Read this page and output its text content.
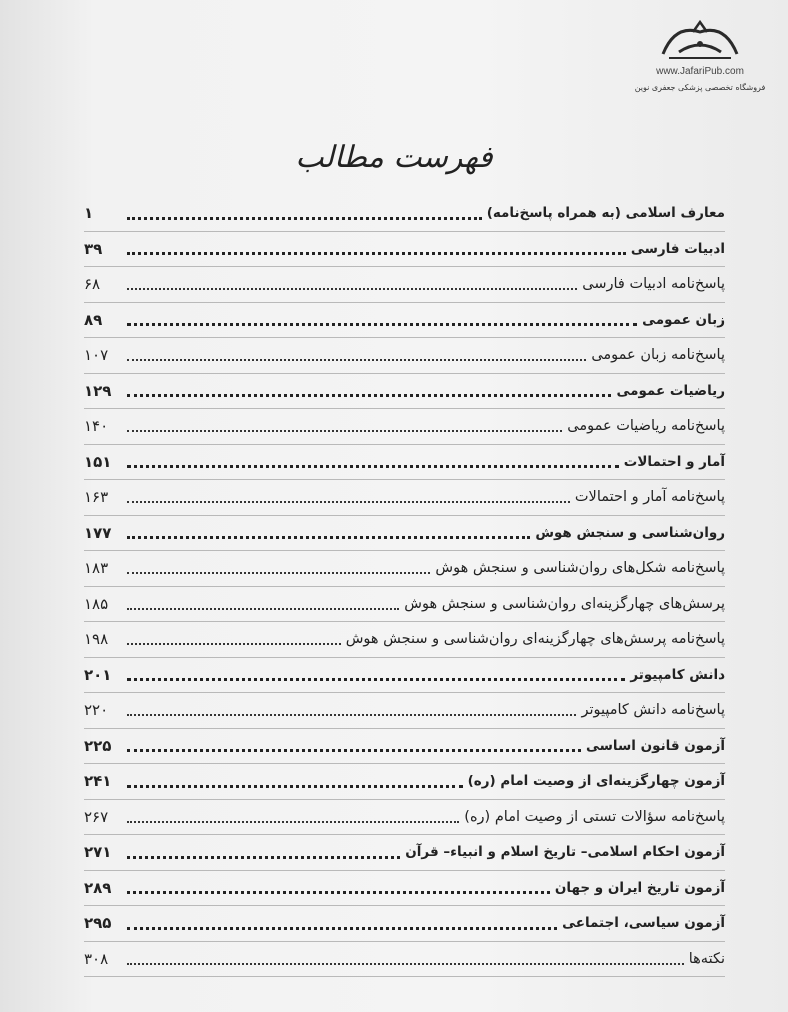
www.JafariPub.com
فروشگاه تخصصی پزشکی جعفری نوین
فهرست مطالب
معارف اسلامی (به همراه پاسخ‌نامه)
۱
ادبیات فارسی
۳۹
پاسخ‌نامه ادبیات فارسی
۶۸
زبان عمومی
۸۹
پاسخ‌نامه زبان عمومی
۱۰۷
ریاضیات عمومی
۱۲۹
پاسخ‌نامه ریاضیات عمومی
۱۴۰
آمار و احتمالات
۱۵۱
پاسخ‌نامه آمار و احتمالات
۱۶۳
روان‌شناسی و سنجش هوش
۱۷۷
پاسخ‌نامه شکل‌های روان‌شناسی و سنجش هوش
۱۸۳
پرسش‌های چهارگزینه‌ای روان‌شناسی و سنجش هوش
۱۸۵
پاسخ‌نامه پرسش‌های چهارگزینه‌ای روان‌شناسی و سنجش هوش
۱۹۸
دانش کامپیوتر
۲۰۱
پاسخ‌نامه دانش کامپیوتر
۲۲۰
آزمون قانون اساسی
۲۲۵
آزمون چهارگزینه‌ای از وصیت امام (ره)
۲۴۱
پاسخ‌نامه سؤالات تستی از وصیت امام (ره)
۲۶۷
آزمون احکام اسلامی– تاریخ اسلام و انبیاء– قرآن
۲۷۱
آزمون تاریخ ایران و جهان
۲۸۹
آزمون سیاسی، اجتماعی
۲۹۵
نکته‌ها
۳۰۸
